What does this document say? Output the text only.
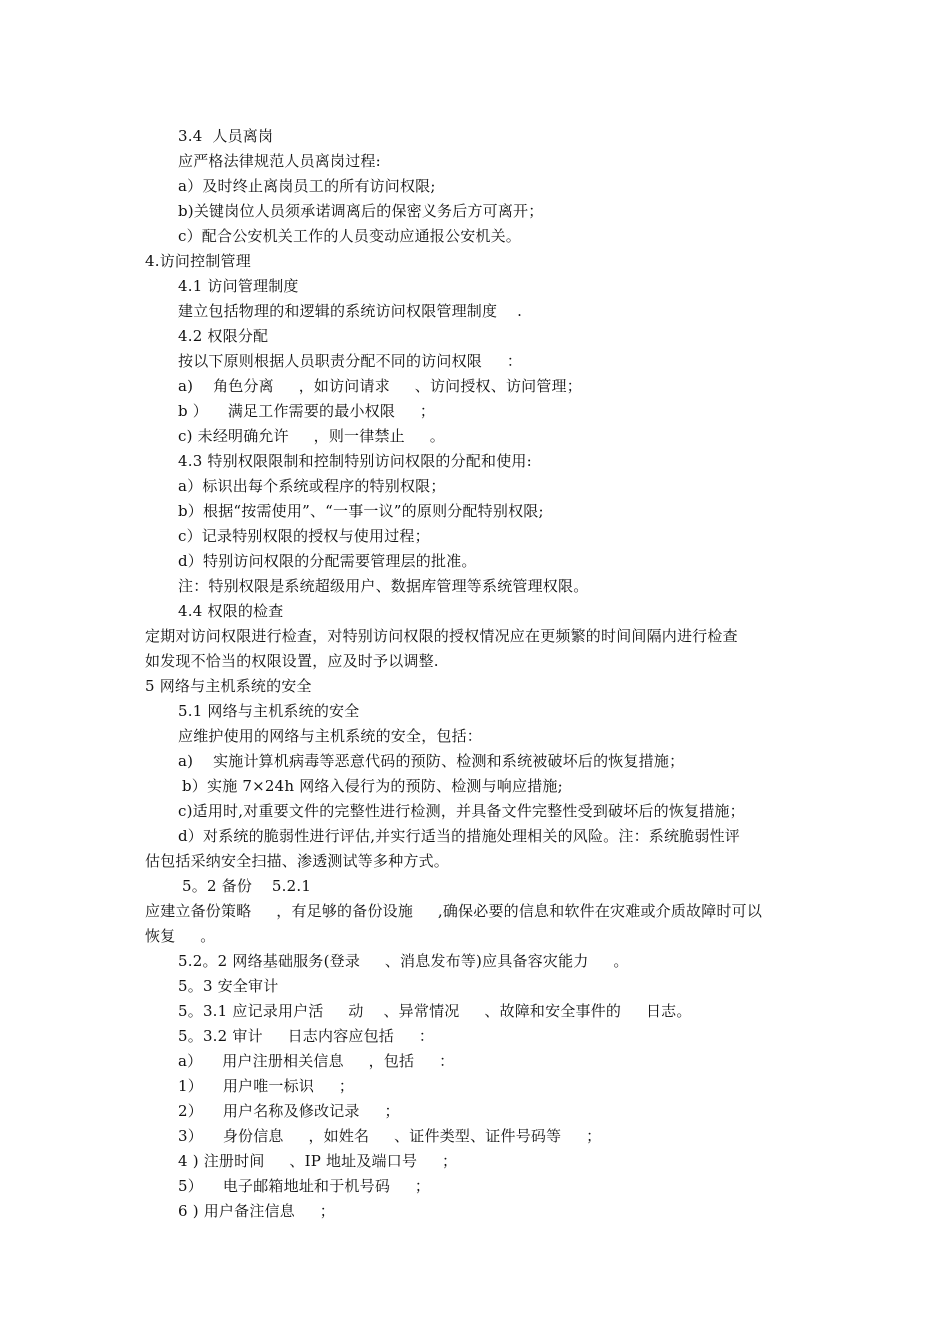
3.4  人员离岗
应严格法律规范人员离岗过程:
a）及时终止离岗员工的所有访问权限;
b)关键岗位人员须承诺调离后的保密义务后方可离开；
c）配合公安机关工作的人员变动应通报公安机关。
4.访问控制管理
4.1 访问管理制度
建立包括物理的和逻辑的系统访问权限管理制度    .
4.2 权限分配
按以下原则根据人员职责分配不同的访问权限     ：
a)    角色分离     ，如访问请求     、访问授权、访问管理；
b ）    满足工作需要的最小权限     ；
c) 未经明确允许     ，则一律禁止     。
4.3 特别权限限制和控制特别访问权限的分配和使用:
a）标识出每个系统或程序的特别权限；
b）根据“按需使用”、“一事一议”的原则分配特别权限;
c）记录特别权限的授权与使用过程；
d）特别访问权限的分配需要管理层的批准。
注：特别权限是系统超级用户、数据库管理等系统管理权限。
4.4 权限的检查
定期对访问权限进行检查，对特别访问权限的授权情况应在更频繁的时间间隔内进行检查
如发现不恰当的权限设置，应及时予以调整.
5 网络与主机系统的安全
5.1 网络与主机系统的安全
应维护使用的网络与主机系统的安全，包括：
a)    实施计算机病毒等恶意代码的预防、检测和系统被破坏后的恢复措施；
b）实施 7×24h 网络入侵行为的预防、检测与响应措施;
c)适用时,对重要文件的完整性进行检测，并具备文件完整性受到破坏后的恢复措施；
d）对系统的脆弱性进行评估,并实行适当的措施处理相关的风险。注：系统脆弱性评
估包括采纳安全扫描、渗透测试等多种方式。
5。2 备份    5.2.1
应建立备份策略     ，有足够的备份设施     ,确保必要的信息和软件在灾难或介质故障时可以
恢复     。
5.2。2 网络基础服务(登录     、消息发布等)应具备容灾能力     。
5。3 安全审计
5。3.1 应记录用户活     动    、异常情况     、故障和安全事件的     日志。
5。3.2 审计     日志内容应包括     ：
a）    用户注册相关信息     ，包括     ：
1）    用户唯一标识     ；
2）    用户名称及修改记录     ；
3）    身份信息     ，如姓名     、证件类型、证件号码等     ；
4 ) 注册时间     、IP 地址及端口号     ；
5）    电子邮箱地址和于机号码     ；
6 ) 用户备注信息     ；
